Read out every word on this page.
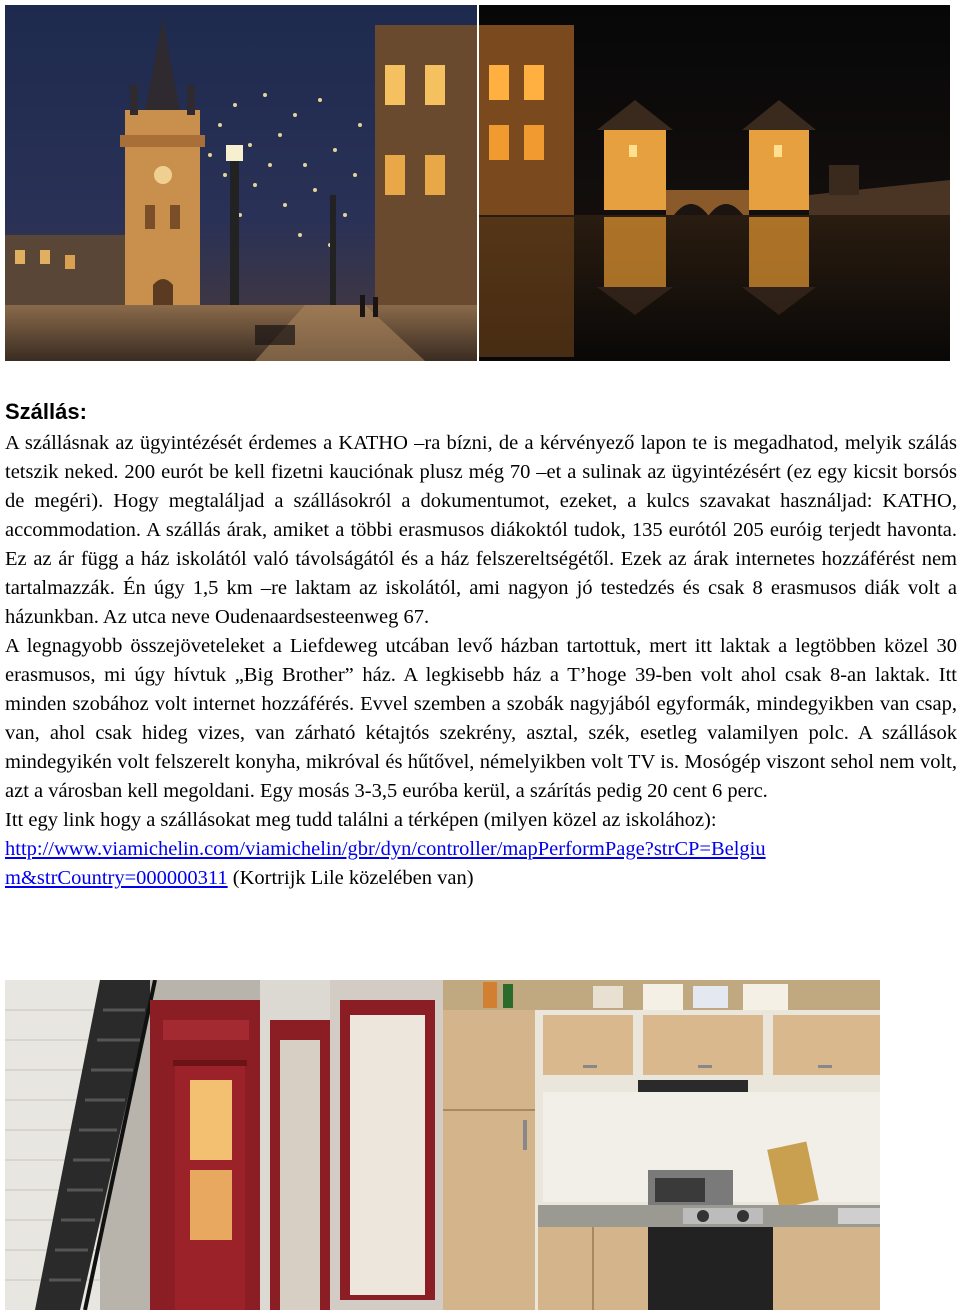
Szállás:

A szállásnak az ügyintézését érdemes a KATHO –ra bízni, de a kérvényező lapon te is megadhatod, melyik szálás tetszik neked. 200 eurót be kell fizetni kauciónak plusz még 70 –et a sulinak az ügyintézésért (ez egy kicsit borsós de megéri). Hogy megtaláljad a szállásokról a dokumentumot, ezeket, a kulcs szavakat használjad: KATHO, accommodation. A szállás árak, amiket a többi erasmusos diákoktól tudok, 135 eurótól 205 euróig terjedt havonta. Ez az ár függ a ház iskolától való távolságától és a ház felszereltségétől. Ezek az árak internetes hozzáférést nem tartalmazzák. Én úgy 1,5 km –re laktam az iskolától, ami nagyon jó testedzés és csak 8 erasmusos diák volt a házunkban. Az utca neve Oudenaardsesteenweg 67.

A legnagyobb összejöveteleket a Liefdeweg utcában levő házban tartottuk, mert itt laktak a legtöbben közel 30 erasmusos, mi úgy hívtuk „Big Brother” ház. A legkisebb ház a T’hoge 39-ben volt ahol csak 8-an laktak. Itt minden szobához volt internet hozzáférés. Evvel szemben a szobák nagyjából egyformák, mindegyikben van csap, van, ahol csak hideg vizes, van zárható kétajtós szekrény, asztal, szék, esetleg valamilyen polc. A szállások mindegyikén volt felszerelt konyha, mikróval és hűtővel, némelyikben volt TV is. Mosógép viszont sehol nem volt, azt a városban kell megoldani. Egy mosás 3-3,5 euróba kerül, a szárítás pedig 20 cent 6 perc.

Itt egy link hogy a szállásokat meg tudd találni a térképen (milyen közel az iskolához):

http://www.viamichelin.com/viamichelin/gbr/dyn/controller/mapPerformPage?strCP=Belgiu

m&strCountry=000000311 (Kortrijk Lile közelében van)
